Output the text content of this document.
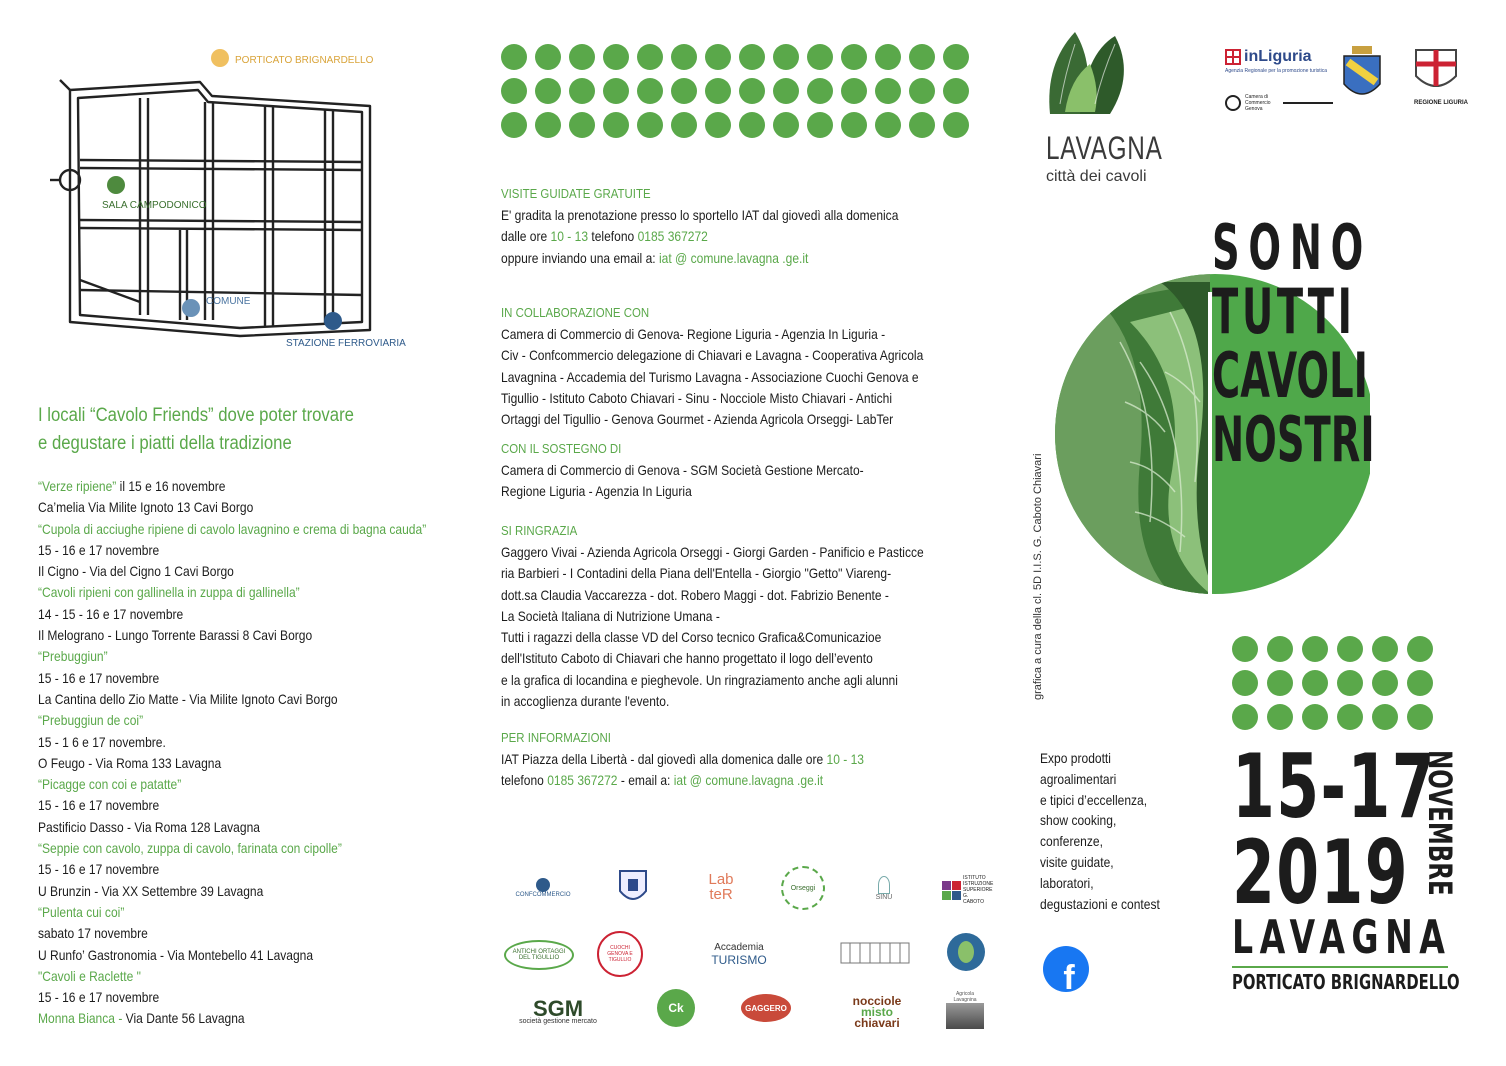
PORTICATO BRIGNARDELLO
SALA CAMPODONICO
COMUNE
STAZIONE FERROVIARIA
I locali “Cavolo Friends” dove poter trovare
e degustare i piatti della tradizione
“Verze ripiene” il 15 e 16 novembre
Ca’melia Via Milite Ignoto 13 Cavi Borgo
“Cupola di acciughe ripiene di cavolo lavagnino e crema di bagna cauda”
15 - 16 e 17 novembre
Il Cigno - Via del Cigno 1 Cavi Borgo
“Cavoli ripieni con gallinella in zuppa di gallinella”
14 - 15 - 16 e 17 novembre
Il Melograno - Lungo Torrente Barassi 8 Cavi Borgo
“Prebuggiun”
15 - 16 e 17 novembre
La Cantina dello Zio Matte - Via Milite Ignoto Cavi Borgo
“Prebuggiun de coi”
15 - 1 6 e 17 novembre.
O Feugo - Via Roma 133 Lavagna
“Picagge con coi e patatte”
15 - 16 e 17 novembre
Pastificio Dasso - Via Roma 128 Lavagna
“Seppie con cavolo, zuppa di cavolo, farinata con cipolle”
15 - 16 e 17 novembre
U Brunzin - Via XX Settembre 39 Lavagna
“Pulenta cui coi”
sabato 17 novembre
U Runfo’ Gastronomia - Via Montebello 41 Lavagna
"Cavoli e Raclette "
15 - 16 e 17 novembre
Monna Bianca - Via Dante 56 Lavagna
VISITE GUIDATE GRATUITE
E' gradita la prenotazione presso lo sportello IAT dal giovedì alla domenica
dalle ore 10 - 13 telefono 0185 367272
oppure inviando una email a: iat @ comune.lavagna .ge.it
IN COLLABORAZIONE CON
Camera di Commercio di Genova- Regione Liguria - Agenzia In Liguria -
Civ - Confcommercio delegazione di Chiavari e Lavagna - Cooperativa Agricola
Lavagnina - Accademia del Turismo Lavagna - Associazione Cuochi Genova e
Tigullio - Istituto Caboto Chiavari - Sinu - Nocciole Misto Chiavari - Antichi
Ortaggi del Tigullio - Genova Gourmet - Azienda Agricola Orseggi- LabTer
CON IL SOSTEGNO DI
Camera di Commercio di Genova - SGM Società Gestione Mercato-
Regione Liguria - Agenzia In Liguria
SI RINGRAZIA
Gaggero Vivai - Azienda Agricola Orseggi - Giorgi Garden - Panificio e Pasticce
ria Barbieri - I Contadini della Piana dell'Entella - Giorgio "Getto" Viareng-
dott.sa Claudia Vaccarezza - dot. Robero Maggi - dot. Fabrizio Benente -
La Società Italiana di Nutrizione Umana -
Tutti i ragazzi della classe VD del Corso tecnico Grafica&Comunicazioe
dell'Istituto Caboto di Chiavari che hanno progettato il logo dell’evento
e la grafica di locandina e pieghevole. Un ringraziamento anche agli alunni
in accoglienza durante l'evento.
PER INFORMAZIONI
IAT Piazza della Libertà - dal giovedì alla domenica dalle ore 10 - 13
telefono 0185 367272 - email a: iat @ comune.lavagna .ge.it
CONFCOMMERCIO
Lab
teR	Orseggi
SINU
ISTITUTO ISTRUZIONE SUPERIORE G. CABOTO
ANTICHI ORTAGGI DEL TIGULLIO
CUOCHI GENOVA E TIGULLIO
Accademia
TURISMO
SGM
società gestione mercato
Ck	GAGGERO
nocciole
misto
chiavari
Agricola Lavagnina
LAVAGNA
città dei cavoli
inLiguria
Agenzia Regionale per la promozione turistica
Camera di Commercio Genova
REGIONE LIGURIA
SONO
TUTTI
CAVOLI
NOSTRI
grafica a cura della cl. 5D I.I.S. G. Caboto Chiavari
Expo prodotti
agroalimentari
e tipici d’eccellenza,
show cooking,
conferenze,
visite guidate,
laboratori,
degustazioni e contest
f
15-17
2019 NOVEMBRE
LAVAGNA
PORTICATO BRIGNARDELLO
